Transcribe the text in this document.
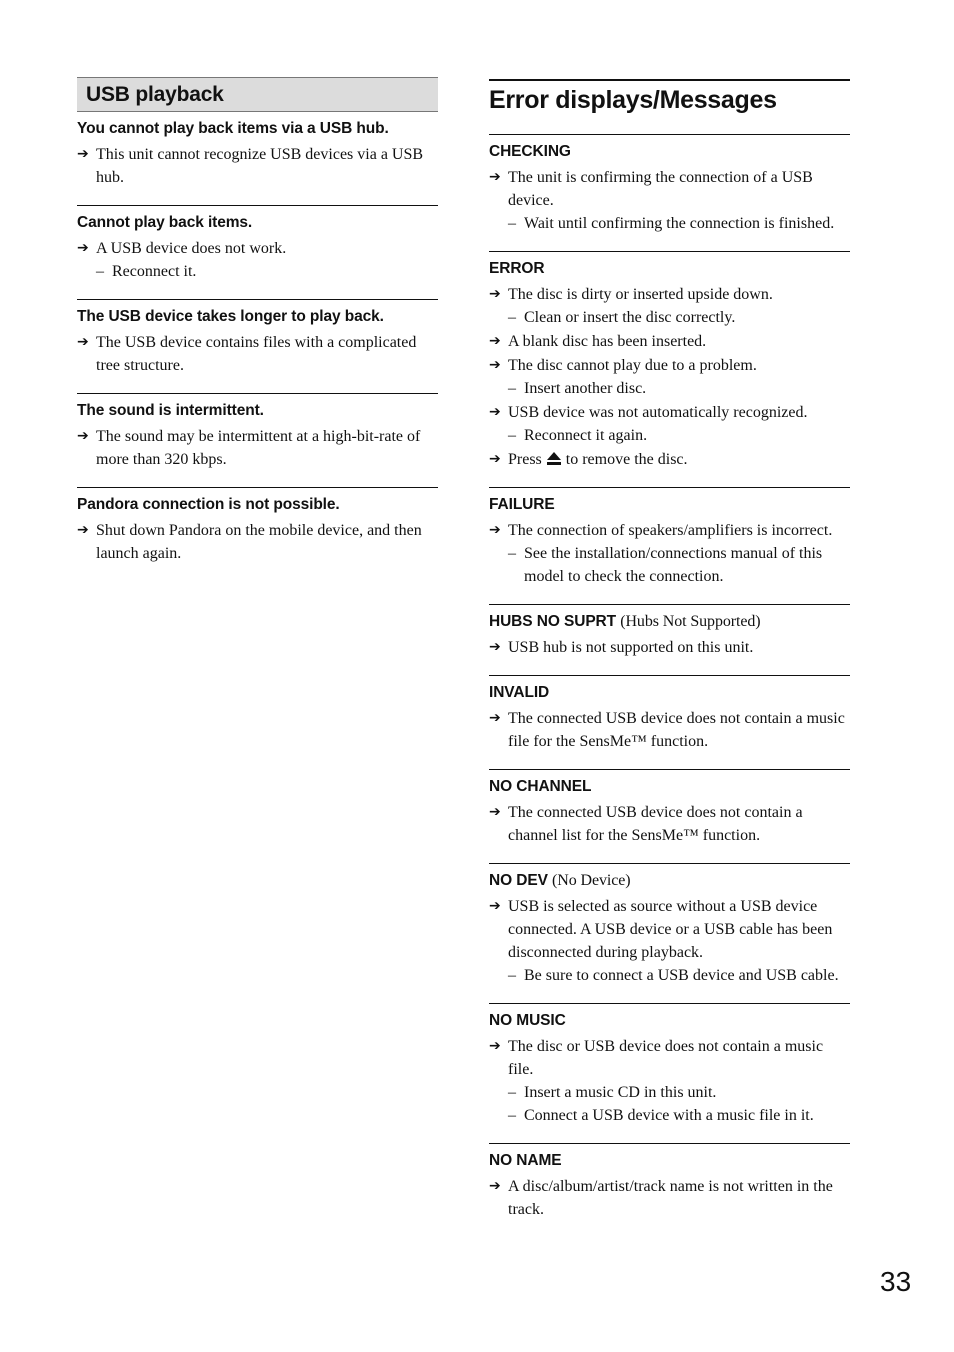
USB playback
You cannot play back items via a USB hub.
➔ This unit cannot recognize USB devices via a USB hub.
Cannot play back items.
➔ A USB device does not work.
– Reconnect it.
The USB device takes longer to play back.
➔ The USB device contains files with a complicated tree structure.
The sound is intermittent.
➔ The sound may be intermittent at a high-bit-rate of more than 320 kbps.
Pandora connection is not possible.
➔ Shut down Pandora on the mobile device, and then launch again.
Error displays/Messages
CHECKING
➔ The unit is confirming the connection of a USB device.
– Wait until confirming the connection is finished.
ERROR
➔ The disc is dirty or inserted upside down.
– Clean or insert the disc correctly.
➔ A blank disc has been inserted.
➔ The disc cannot play due to a problem.
– Insert another disc.
➔ USB device was not automatically recognized.
– Reconnect it again.
➔ Press to remove the disc.
FAILURE
➔ The connection of speakers/amplifiers is incorrect.
– See the installation/connections manual of this model to check the connection.
HUBS NO SUPRT (Hubs Not Supported)
➔ USB hub is not supported on this unit.
INVALID
➔ The connected USB device does not contain a music file for the SensMe™ function.
NO CHANNEL
➔ The connected USB device does not contain a channel list for the SensMe™ function.
NO DEV (No Device)
➔ USB is selected as source without a USB device connected. A USB device or a USB cable has been disconnected during playback.
– Be sure to connect a USB device and USB cable.
NO MUSIC
➔ The disc or USB device does not contain a music file.
– Insert a music CD in this unit.
– Connect a USB device with a music file in it.
NO NAME
➔ A disc/album/artist/track name is not written in the track.
33
